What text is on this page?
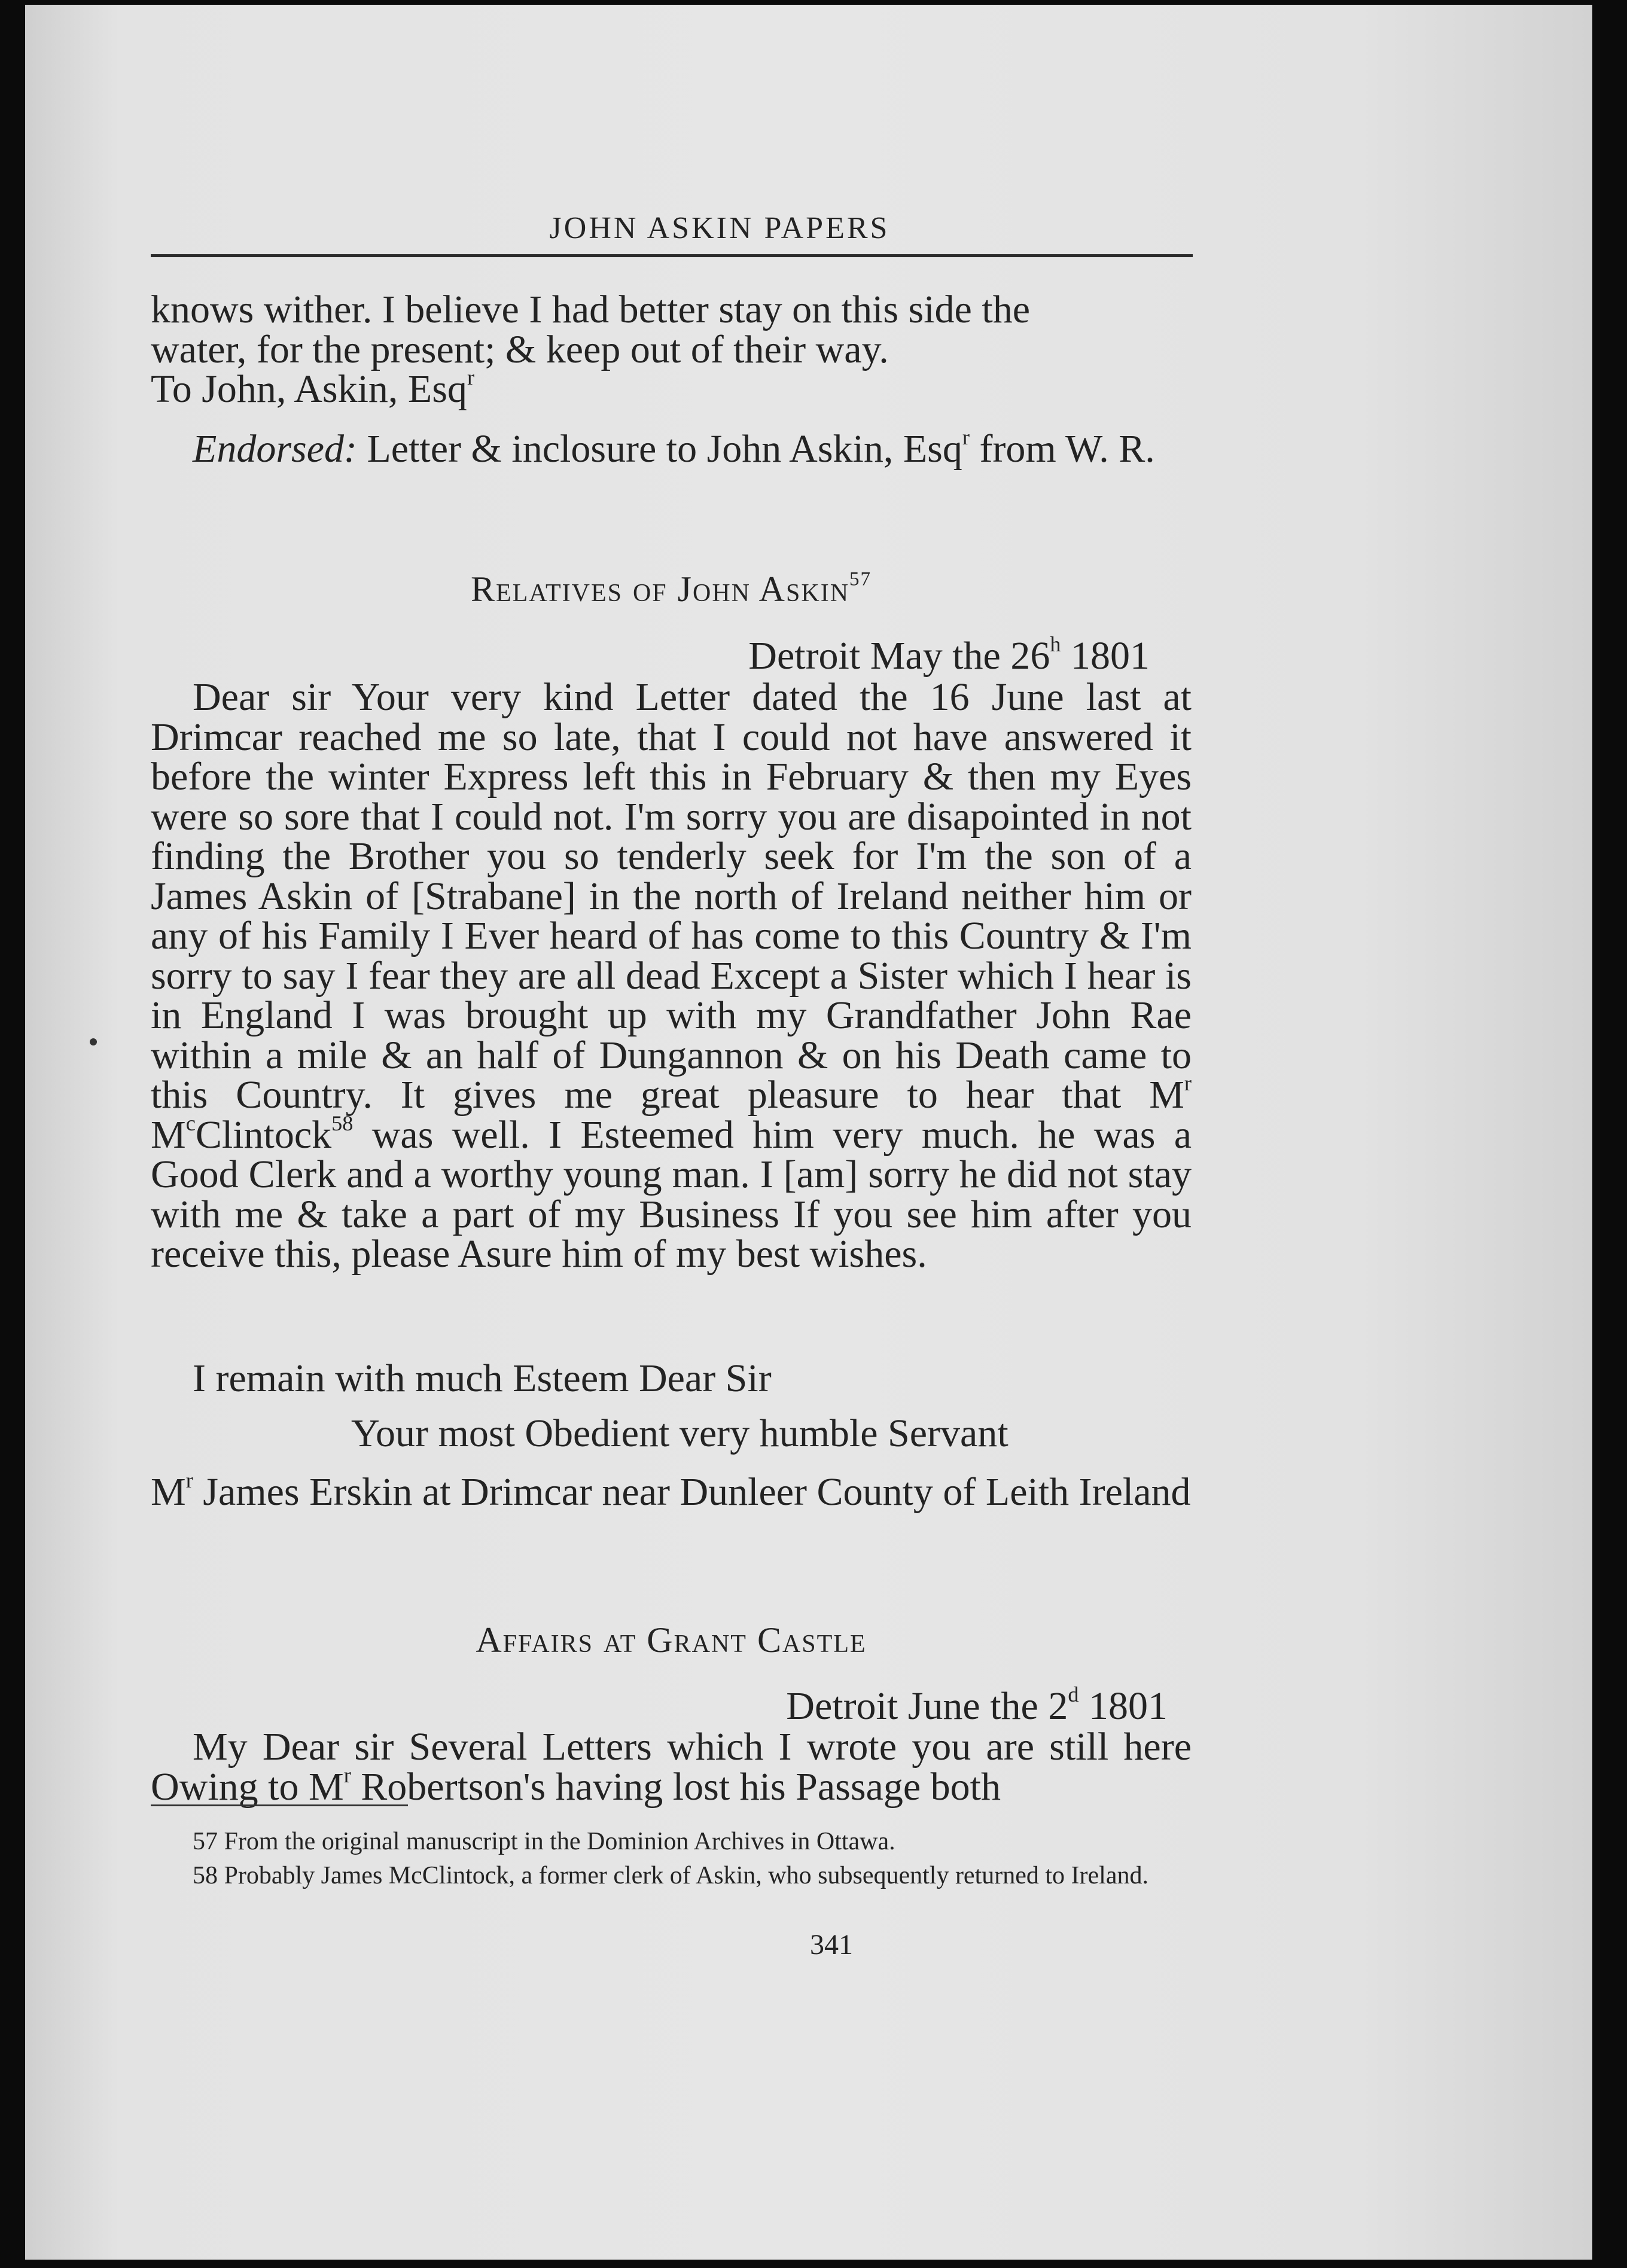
JOHN ASKIN PAPERS
knows wither. I believe I had better stay on this side the
water, for the present; & keep out of their way.
To John, Askin, Esq$^r$

Endorsed: Letter & inclosure to John Askin, Esq$^r$ from W. R.

Relatives of John Askin$^{57}$
Detroit May the 26$^h$ 1801

Dear sir Your very kind Letter dated the 16 June last at Drimcar reached me so late, that I could not have answered it before the winter Express left this in February & then my Eyes were so sore that I could not. I'm sorry you are disapointed in not finding the Brother you so tenderly seek for I'm the son of a James Askin of [Strabane] in the north of Ireland neither him or any of his Family I Ever heard of has come to this Country & I'm sorry to say I fear they are all dead Except a Sister which I hear is in England I was brought up with my Grandfather John Rae within a mile & an half of Dungannon & on his Death came to this Country. It gives me great pleasure to hear that $M^r$ $M^cClintock^{58}$ was well. I Esteemed him very much. he was a Good Clerk and a worthy young man. I [am] sorry he did not stay with me & take a part of my Business If you see him after you receive this, please Asure him of my best wishes.

I remain with much Esteem Dear Sir
Your most Obedient very humble Servant

$M^r$ James Erskin at Drimcar near Dunleer County of Leith Ireland

Affairs at Grant Castle
Detroit June the 2$^d$ 1801

My Dear sir Several Letters which I wrote you are still here Owing to $M^r$ Robertson's having lost his Passage both

57 From the original manuscript in the Dominion Archives in Ottawa.
58 Probably James McClintock, a former clerk of Askin, who subsequently returned to Ireland.
341
